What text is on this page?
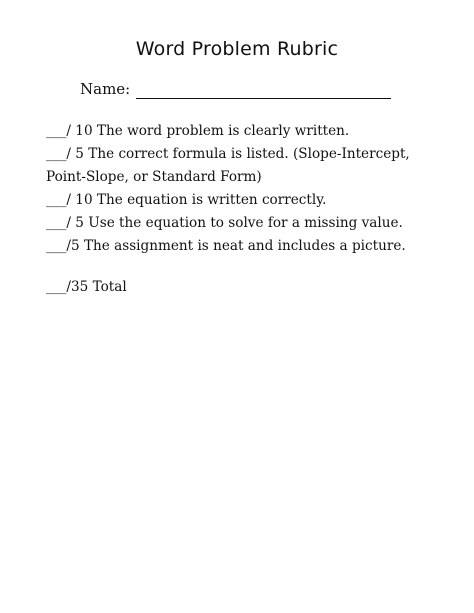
Word Problem Rubric
Name:
___/ 10 The word problem is clearly written.
___/ 5 The correct formula is listed. (Slope-Intercept,
Point-Slope, or Standard Form)
___/ 10 The equation is written correctly.
___/ 5 Use the equation to solve for a missing value.
___/5 The assignment is neat and includes a picture.
___/35 Total
